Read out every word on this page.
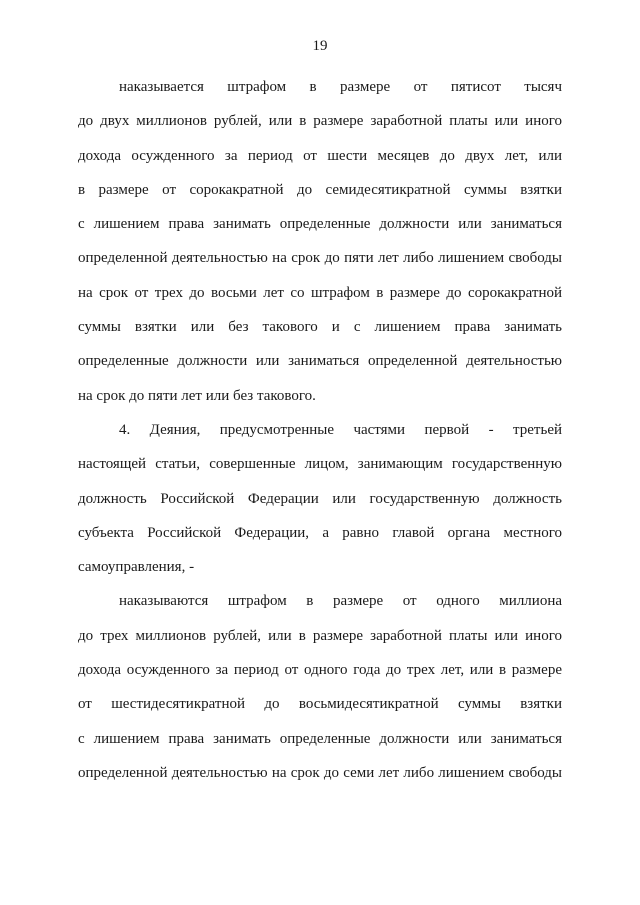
19
наказывается штрафом в размере от пятисот тысяч
до двух миллионов рублей, или в размере заработной платы или иного
дохода осужденного за период от шести месяцев до двух лет, или
в размере от сорокакратной до семидесятикратной суммы взятки
с лишением права занимать определенные должности или заниматься
определенной деятельностью на срок до пяти лет либо лишением свободы
на срок от трех до восьми лет со штрафом в размере до сорокакратной
суммы взятки или без такового и с лишением права занимать
определенные должности или заниматься определенной деятельностью
на срок до пяти лет или без такового.
4. Деяния, предусмотренные частями первой - третьей
настоящей статьи, совершенные лицом, занимающим государственную
должность Российской Федерации или государственную должность
субъекта Российской Федерации, а равно главой органа местного
самоуправления, -
наказываются штрафом в размере от одного миллиона
до трех миллионов рублей, или в размере заработной платы или иного
дохода осужденного за период от одного года до трех лет, или в размере
от шестидесятикратной до восьмидесятикратной суммы взятки
с лишением права занимать определенные должности или заниматься
определенной деятельностью на срок до семи лет либо лишением свободы
